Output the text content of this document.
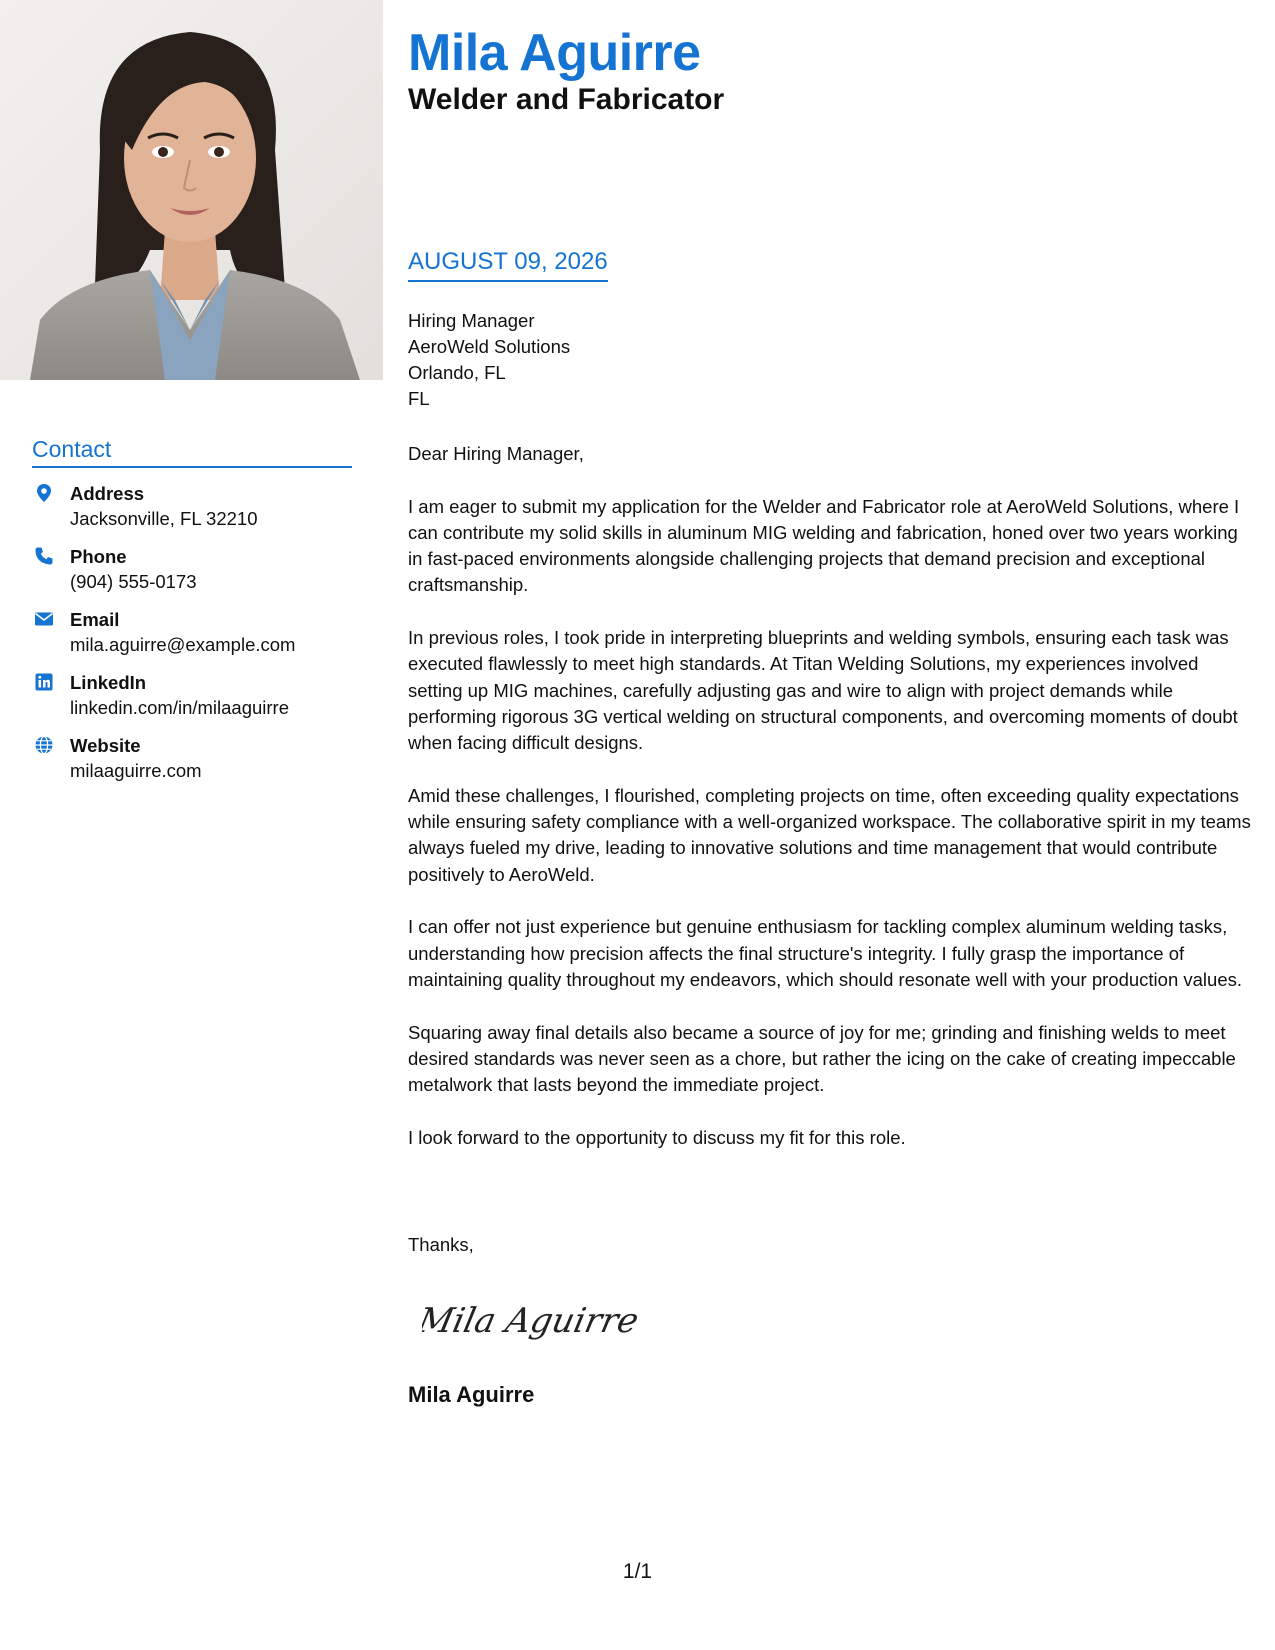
Contact
Address
Jacksonville, FL 32210
Phone
(904) 555-0173
Email
mila.aguirre@example.com
LinkedIn
linkedin.com/in/milaaguirre
Website
milaaguirre.com
Mila Aguirre
Welder and Fabricator
AUGUST 09, 2026
Hiring Manager
AeroWeld Solutions
Orlando, FL
FL

Dear Hiring Manager,

I am eager to submit my application for the Welder and Fabricator role at AeroWeld Solutions, where I can contribute my solid skills in aluminum MIG welding and fabrication, honed over two years working in fast-paced environments alongside challenging projects that demand precision and exceptional craftsmanship.

In previous roles, I took pride in interpreting blueprints and welding symbols, ensuring each task was executed flawlessly to meet high standards. At Titan Welding Solutions, my experiences involved setting up MIG machines, carefully adjusting gas and wire to align with project demands while performing rigorous 3G vertical welding on structural components, and overcoming moments of doubt when facing difficult designs.

Amid these challenges, I flourished, completing projects on time, often exceeding quality expectations while ensuring safety compliance with a well-organized workspace. The collaborative spirit in my teams always fueled my drive, leading to innovative solutions and time management that would contribute positively to AeroWeld.

I can offer not just experience but genuine enthusiasm for tackling complex aluminum welding tasks, understanding how precision affects the final structure's integrity. I fully grasp the importance of maintaining quality throughout my endeavors, which should resonate well with your production values.

Squaring away final details also became a source of joy for me; grinding and finishing welds to meet desired standards was never seen as a chore, but rather the icing on the cake of creating impeccable metalwork that lasts beyond the immediate project.

I look forward to the opportunity to discuss my fit for this role.

Thanks,
Mila Aguirre
Mila Aguirre
1/1
